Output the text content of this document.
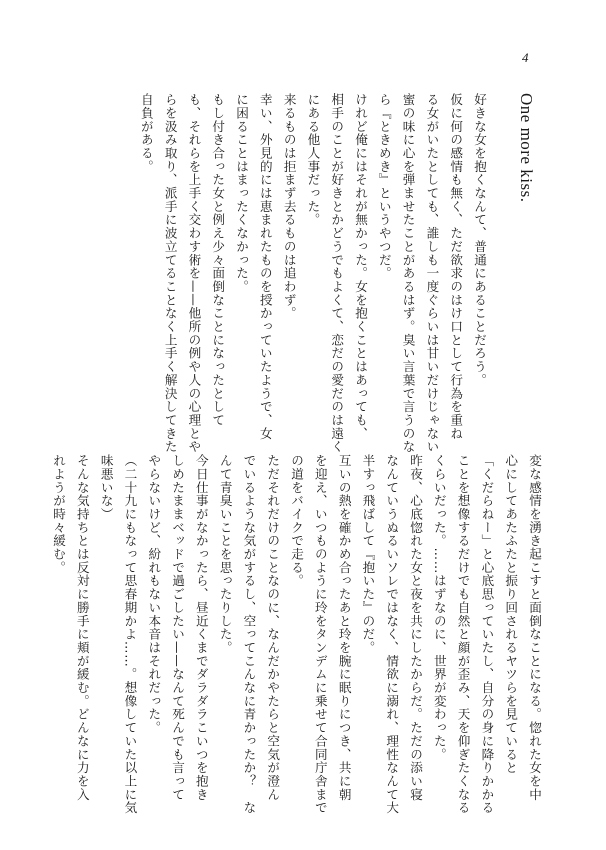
4
One more kiss.
好きな女を抱くなんて、普通にあることだろう。
仮に何の感情も無く、ただ欲求のはけ口として行為を重ね
る女がいたとしても、誰しも一度ぐらいは甘いだけじゃない
蜜の味に心を弾ませたことがあるはず。臭い言葉で言うのな
ら『ときめき』というやつだ。
けれど俺にはそれが無かった。女を抱くことはあっても、
相手のことが好きとかどうでもよくて、恋だの愛だのは遠く
にある他人事だった。
来るものは拒まず去るものは追わず。
幸い、外見的には恵まれたものを授かっていたようで、女
に困ることはまったくなかった。
もし付き合った女と例え少々面倒なことになったとして
も、それらを上手く交わす術を——他所の例や人の心理とや
らを汲み取り、派手に波立てることなく上手く解決してきた
自負がある。
変な感情を湧き起こすと面倒なことになる。惚れた女を中
心にしてあたふたと振り回されるヤツらを見ていると
「くだらねー」と心底思っていたし、自分の身に降りかかる
ことを想像するだけでも自然と顔が歪み、天を仰ぎたくなる
くらいだった。……はずなのに、世界が変わった。
昨夜、心底惚れた女と夜を共にしたからだ。ただの添い寝
なんていうぬるいソレではなく、情欲に溺れ、理性なんて大
半すっ飛ばして『抱いた』のだ。
互いの熱を確かめ合ったあと玲を腕に眠りにつき、共に朝
を迎え、いつものように玲をタンデムに乗せて合同庁舎まで
の道をバイクで走る。
ただそれだけのことなのに、なんだかやたらと空気が澄ん
でいるような気がするし、空ってこんなに青かったか？　な
んて青臭いことを思ったりした。
今日仕事がなかったら、昼近くまでダラダラこいつを抱き
しめたままベッドで過ごしたい——なんて死んでも言って
やらないけど、紛れもない本音はそれだった。
（二十九にもなって思春期かよ……。想像していた以上に気
味悪いな）
そんな気持ちとは反対に勝手に頬が緩む。どんなに力を入
れようが時々緩む。
